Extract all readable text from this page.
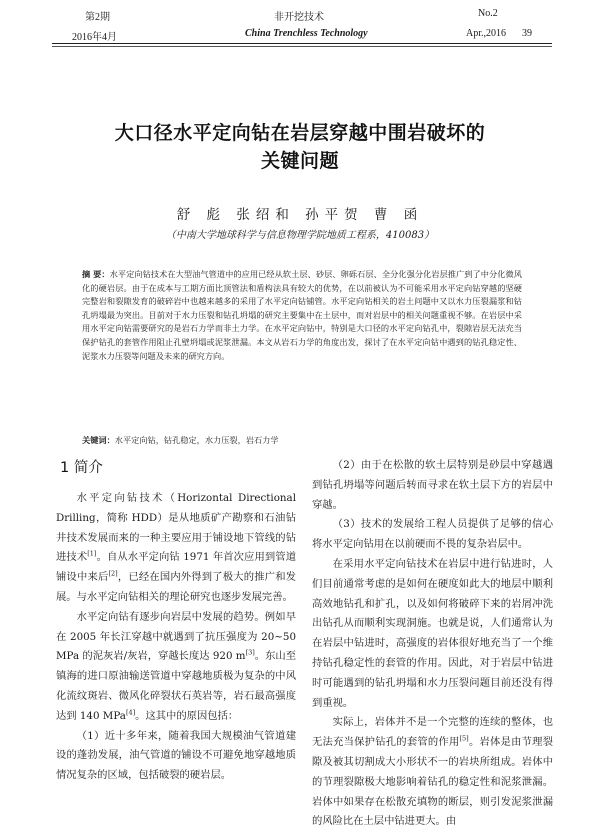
第2期	非开挖技术	No.2
2016年4月	China Trenchless Technology	Apr.,2016 39
大口径水平定向钻在岩层穿越中围岩破坏的
关键问题
舒 彪 张绍和 孙平贺 曹 函
（中南大学地球科学与信息物理学院地质工程系，410083）
摘 要：水平定向钻技术在大型油气管道中的应用已经从软土层、砂层、卵砾石层、全分化强分化岩层推广到了中分化微风化的硬岩层。由于在成本与工期方面比顶管法和盾构法具有较大的优势，在以前被认为不可能采用水平定向钻穿越的坚硬完整岩和裂隙发育的破碎岩中也越来越多的采用了水平定向钻铺管。水平定向钻相关的岩土问题中又以水力压裂漏浆和钻孔坍塌最为突出。目前对于水力压裂和钻孔坍塌的研究主要集中在土层中，而对岩层中的相关问题重视不够。在岩层中采用水平定向钻需要研究的是岩石力学而非土力学。在水平定向钻中，特别是大口径的水平定向钻孔中，裂隙岩层无法充当保护钻孔的套管作用阻止孔壁坍塌或泥浆泄漏。本文从岩石力学的角度出发，探讨了在水平定向钻中遇到的钻孔稳定性、泥浆水力压裂等问题及未来的研究方向。
关键词：水平定向钻，钻孔稳定，水力压裂，岩石力学
1 简介

水平定向钻技术（Horizontal Directional Drilling，简称 HDD）是从地质矿产勘察和石油钻井技术发展而来的一种主要应用于铺设地下管线的钻进技术[1]。自从水平定向钻 1971 年首次应用到管道铺设中来后[2]，已经在国内外得到了极大的推广和发展。与水平定向钻相关的理论研究也逐步发展完善。

水平定向钻有逐步向岩层中发展的趋势。例如早在 2005 年长江穿越中就遇到了抗压强度为 20~50 MPa 的泥灰岩/灰岩，穿越长度达 920 m[3]。东山至镇海的进口原油输送管道中穿越地质极为复杂的中风化流纹斑岩、微风化碎裂状石英岩等，岩石最高强度达到 140 MPa[4]。这其中的原因包括：

（1）近十多年来，随着我国大规模油气管道建设的蓬勃发展，油气管道的铺设不可避免地穿越地质情况复杂的区域，包括破裂的硬岩层。

（2）由于在松散的软土层特别是砂层中穿越遇到钻孔坍塌等问题后转而寻求在软土层下方的岩层中穿越。

（3）技术的发展给工程人员提供了足够的信心将水平定向钻用在以前硬而不畏的复杂岩层中。

在采用水平定向钻技术在岩层中进行钻进时，人们目前通常考虑的是如何在硬度如此大的地层中顺利高效地钻孔和扩孔，以及如何将破碎下来的岩屑冲洗出钻孔从而顺利实现洞施。也就是说，人们通常认为在岩层中钻进时，高强度的岩体很好地充当了一个维持钻孔稳定性的套管的作用。因此，对于岩层中钻进时可能遇到的钻孔坍塌和水力压裂问题目前还没有得到重视。

实际上，岩体并不是一个完整的连续的整体，也无法充当保护钻孔的套管的作用[5]。岩体是由节理裂隙及被其切割成大小形状不一的岩块所组成。岩体中的节理裂隙极大地影响着钻孔的稳定性和泥浆泄漏。岩体中如果存在松散充填物的断层，则引发泥浆泄漏的风险比在土层中钻进更大。由
